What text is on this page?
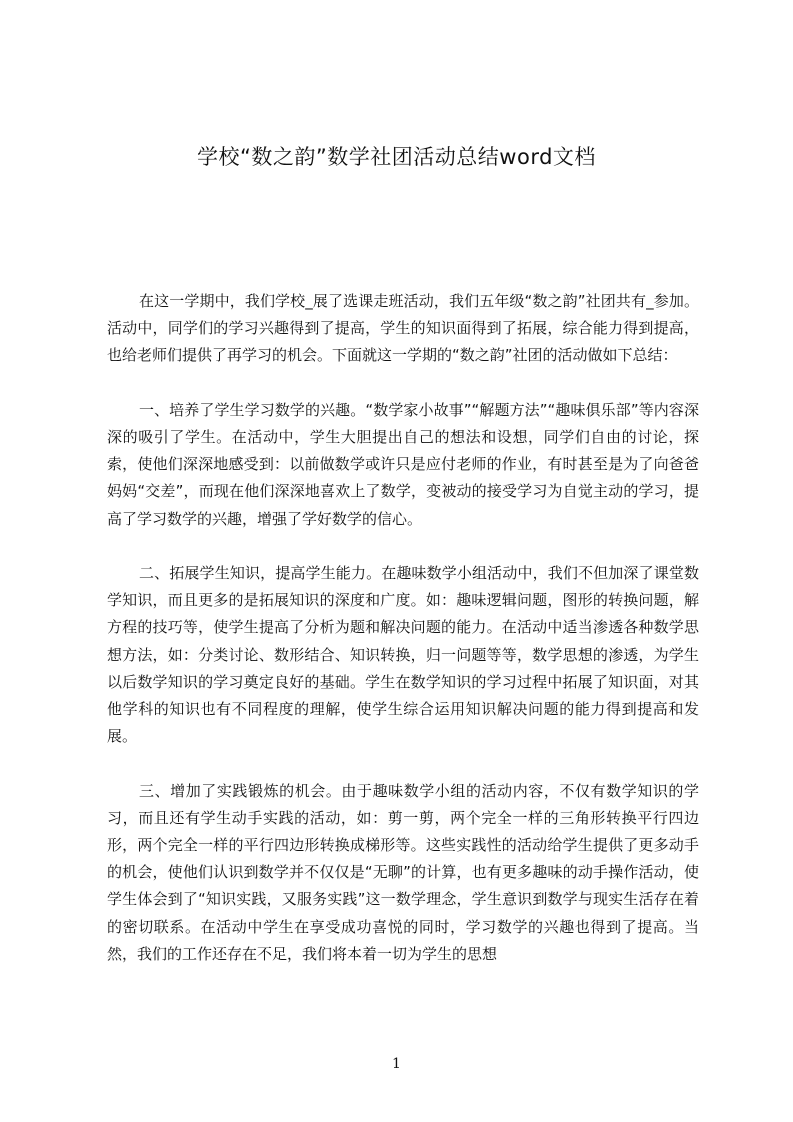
学校“数之韵”数学社团活动总结word文档

在这一学期中，我们学校_展了选课走班活动，我们五年级“数之韵”社团共有_参加。活动中，同学们的学习兴趣得到了提高，学生的知识面得到了拓展，综合能力得到提高，也给老师们提供了再学习的机会。下面就这一学期的“数之韵”社团的活动做如下总结：

一、培养了学生学习数学的兴趣。“数学家小故事”“解题方法”“趣味俱乐部”等内容深深的吸引了学生。在活动中，学生大胆提出自己的想法和设想，同学们自由的讨论，探索，使他们深深地感受到：以前做数学或许只是应付老师的作业，有时甚至是为了向爸爸妈妈“交差”，而现在他们深深地喜欢上了数学，变被动的接受学习为自觉主动的学习，提高了学习数学的兴趣，增强了学好数学的信心。

二、拓展学生知识，提高学生能力。在趣味数学小组活动中，我们不但加深了课堂数学知识，而且更多的是拓展知识的深度和广度。如：趣味逻辑问题，图形的转换问题，解方程的技巧等，使学生提高了分析为题和解决问题的能力。在活动中适当渗透各种数学思想方法，如：分类讨论、数形结合、知识转换，归一问题等等，数学思想的渗透，为学生以后数学知识的学习奠定良好的基础。学生在数学知识的学习过程中拓展了知识面，对其他学科的知识也有不同程度的理解，使学生综合运用知识解决问题的能力得到提高和发展。

三、增加了实践锻炼的机会。由于趣味数学小组的活动内容，不仅有数学知识的学习，而且还有学生动手实践的活动，如：剪一剪，两个完全一样的三角形转换平行四边形，两个完全一样的平行四边形转换成梯形等。这些实践性的活动给学生提供了更多动手的机会，使他们认识到数学并不仅仅是“无聊”的计算，也有更多趣味的动手操作活动，使学生体会到了“知识实践，又服务实践”这一数学理念，学生意识到数学与现实生活存在着的密切联系。在活动中学生在享受成功喜悦的同时，学习数学的兴趣也得到了提高。当然，我们的工作还存在不足，我们将本着一切为学生的思想

1
